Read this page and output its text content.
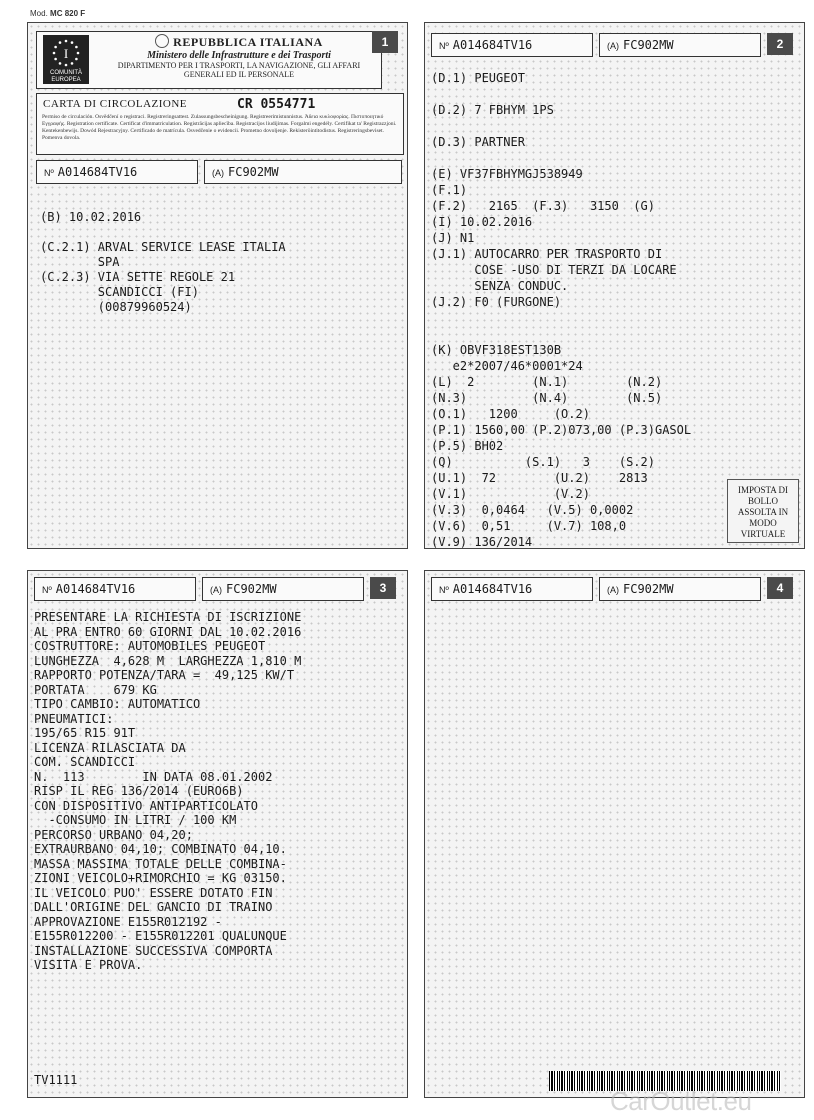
Mod. MC 820 F
I
COMUNITÀ EUROPEA
REPUBBLICA ITALIANA
Ministero delle Infrastrutture e dei Trasporti
DIPARTIMENTO PER I TRASPORTI, LA NAVIGAZIONE, GLI AFFARI GENERALI ED IL PERSONALE
1
CARTA DI CIRCOLAZIONE	CR 0554771
Permiso de circulación. Osvědčení o registraci. Registreringsattest. Zulassungsbescheinigung. Registreerimistunnistus. Άδεια κυκλοφορίας. Πιστοποιητικό Εγγραφής. Registration certificate. Certificat d'immatriculation. Registrācijas apliecība. Registracijos liudijimas. Forgalmi engedély. Certifikat ta' Registrazzjoni. Kentekenbewijs. Dowód Rejestracyjny. Certificado de matrícula. Osvedčenie o evidencii. Prometno dovoljenje. Rekisteröintitodistus. Registreringsbeviset. Pomenva dovola.
Nº A014684TV16	(A) FC902MW
(B) 10.02.2016

(C.2.1) ARVAL SERVICE LEASE ITALIA
SPA
(C.2.3) VIA SETTE REGOLE 21
SCANDICCI (FI)
(00879960524)
Nº A014684TV16	(A) FC902MW	2
(D.1) PEUGEOT

(D.2) 7 FBHYM 1PS

(D.3) PARTNER

(E) VF37FBHYMGJ538949
(F.1)
(F.2)   2165  (F.3)   3150  (G)
(I) 10.02.2016
(J) N1
(J.1) AUTOCARRO PER TRASPORTO DI
COSE -USO DI TERZI DA LOCARE
SENZA CONDUC.
(J.2) F0 (FURGONE)

(K) OBVF318EST130B
e2*2007/46*0001*24
(L)  2        (N.1)        (N.2)
(N.3)         (N.4)        (N.5)
(O.1)   1200     (O.2)
(P.1) 1560,00 (P.2)073,00 (P.3)GASOL
(P.5) BH02
(Q)          (S.1)   3    (S.2)
(U.1)  72        (U.2)    2813
(V.1)            (V.2)
(V.3)  0,0464   (V.5) 0,0002
(V.6)  0,51     (V.7) 108,0
(V.9) 136/2014
IMPOSTA DI BOLLO ASSOLTA IN MODO VIRTUALE
Nº A014684TV16	(A) FC902MW	3
PRESENTARE LA RICHIESTA DI ISCRIZIONE
AL PRA ENTRO 60 GIORNI DAL 10.02.2016
COSTRUTTORE: AUTOMOBILES PEUGEOT
LUNGHEZZA  4,628 M  LARGHEZZA 1,810 M
RAPPORTO POTENZA/TARA =  49,125 KW/T
PORTATA    679 KG
TIPO CAMBIO: AUTOMATICO
PNEUMATICI:
195/65 R15 91T
LICENZA RILASCIATA DA
COM. SCANDICCI
N.  113        IN DATA 08.01.2002
RISP IL REG 136/2014 (EURO6B)
CON DISPOSITIVO ANTIPARTICOLATO
-CONSUMO IN LITRI / 100 KM
PERCORSO URBANO 04,20;
EXTRAURBANO 04,10; COMBINATO 04,10.
MASSA MASSIMA TOTALE DELLE COMBINA-
ZIONI VEICOLO+RIMORCHIO = KG 03150.
IL VEICOLO PUO' ESSERE DOTATO FIN
DALL'ORIGINE DEL GANCIO DI TRAINO
APPROVAZIONE E155R012192 -
E155R012200 - E155R012201 QUALUNQUE
INSTALLAZIONE SUCCESSIVA COMPORTA
VISITA E PROVA.
TV1111
Nº A014684TV16	(A) FC902MW	4
CarOutlet.eu
